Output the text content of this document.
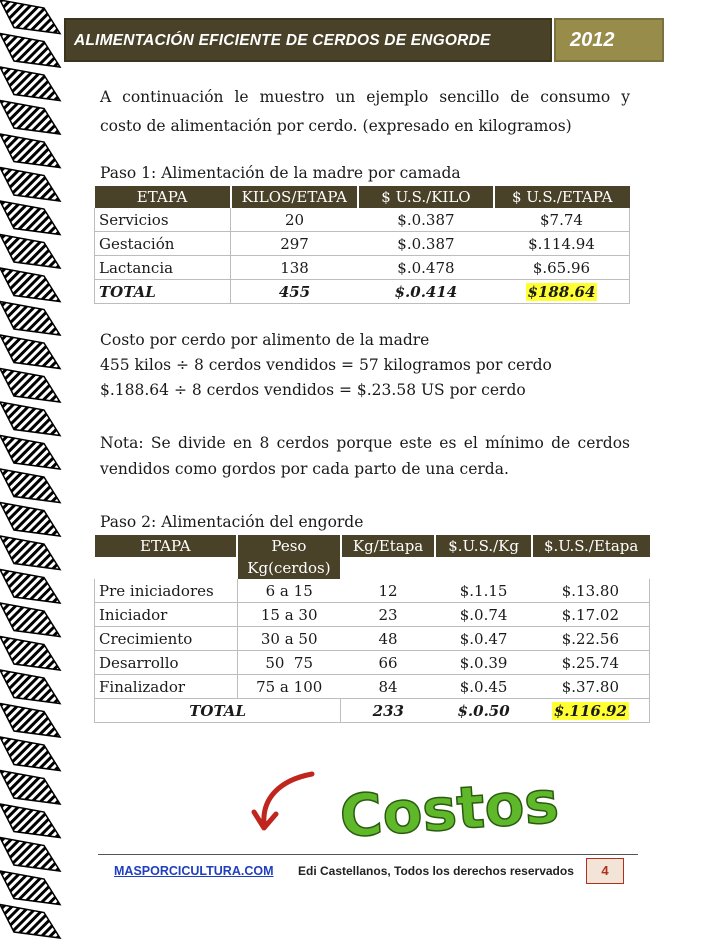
ALIMENTACIÓN EFICIENTE DE CERDOS DE ENGORDE	2012
A continuación le muestro un ejemplo sencillo de consumo y
costo de alimentación por cerdo. (expresado en kilogramos)
Paso 1: Alimentación de la madre por camada
ETAPA	KILOS/ETAPA	$ U.S./KILO	$ U.S./ETAPA
Servicios	20	$.0.387	$7.74
Gestación	297	$.0.387	$.114.94
Lactancia	138	$.0.478	$.65.96
TOTAL	455	$.0.414	$188.64
Costo por cerdo por alimento de la madre
455 kilos ÷ 8 cerdos vendidos = 57 kilogramos por cerdo
$.188.64 ÷ 8 cerdos vendidos = $.23.58 US por cerdo
Nota: Se divide en 8 cerdos porque este es el mínimo de cerdos
vendidos como gordos por cada parto de una cerda.
Paso 2: Alimentación del engorde
ETAPA	Peso	Kg/Etapa	$.U.S./Kg	$.U.S./Etapa
	Kg(cerdos)			
Pre iniciadores	6 a 15	12	$.1.15	$.13.80
Iniciador	15 a 30	23	$.0.74	$.17.02
Crecimiento	30 a 50	48	$.0.47	$.22.56
Desarrollo	50  75	66	$.0.39	$.25.74
Finalizador	75 a 100	84	$.0.45	$.37.80
TOTAL		233	$.0.50	$.116.92
Costos
MASPORCICULTURA.COM Edi Castellanos, Todos los derechos reservados	4
